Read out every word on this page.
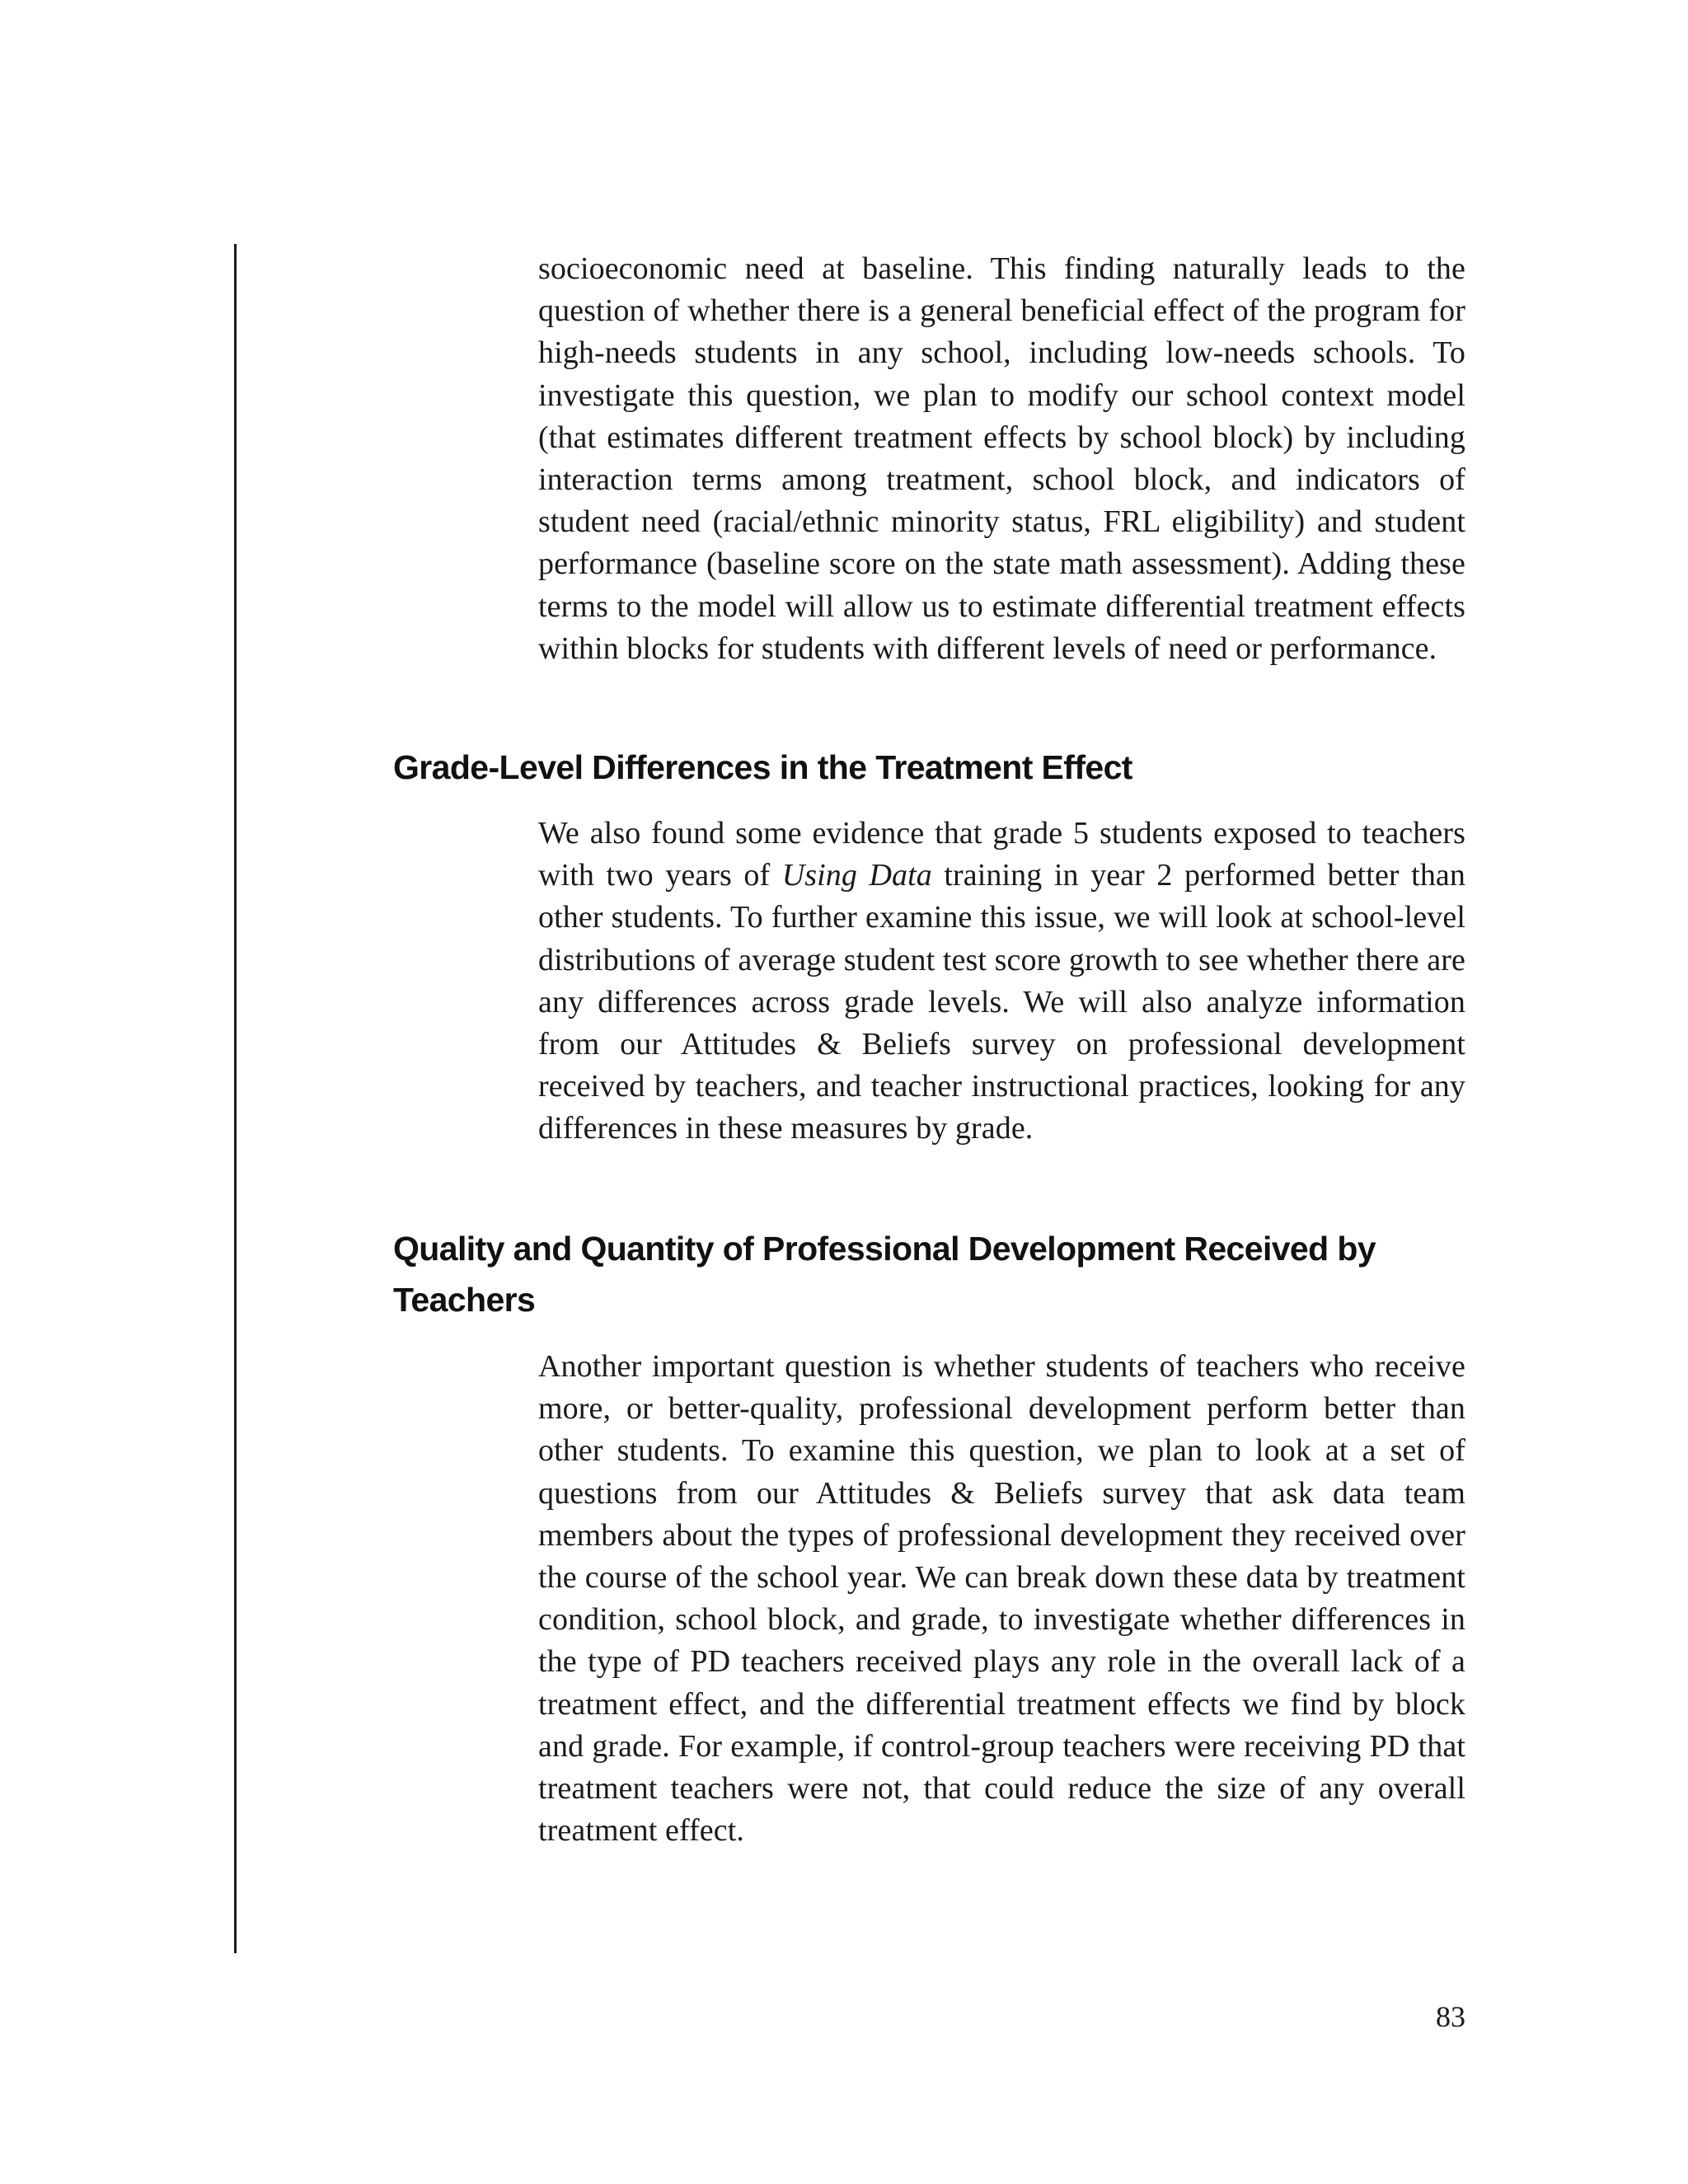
socioeconomic need at baseline. This finding naturally leads to the question of whether there is a general beneficial effect of the program for high-needs students in any school, including low-needs schools. To investigate this question, we plan to modify our school context model (that estimates different treatment effects by school block) by including interaction terms among treatment, school block, and indicators of student need (racial/ethnic minority status, FRL eligibility) and student performance (baseline score on the state math assessment). Adding these terms to the model will allow us to estimate differential treatment effects within blocks for students with different levels of need or performance.

Grade-Level Differences in the Treatment Effect

We also found some evidence that grade 5 students exposed to teachers with two years of Using Data training in year 2 performed better than other students. To further examine this issue, we will look at school-level distributions of average student test score growth to see whether there are any differences across grade levels. We will also analyze information from our Attitudes & Beliefs survey on professional development received by teachers, and teacher instructional practices, looking for any differences in these measures by grade.

Quality and Quantity of Professional Development Received by
Teachers

Another important question is whether students of teachers who receive more, or better-quality, professional development perform better than other students. To examine this question, we plan to look at a set of questions from our Attitudes & Beliefs survey that ask data team members about the types of professional development they received over the course of the school year. We can break down these data by treatment condition, school block, and grade, to investigate whether differences in the type of PD teachers received plays any role in the overall lack of a treatment effect, and the differential treatment effects we find by block and grade. For example, if control-group teachers were receiving PD that treatment teachers were not, that could reduce the size of any overall treatment effect.

83
